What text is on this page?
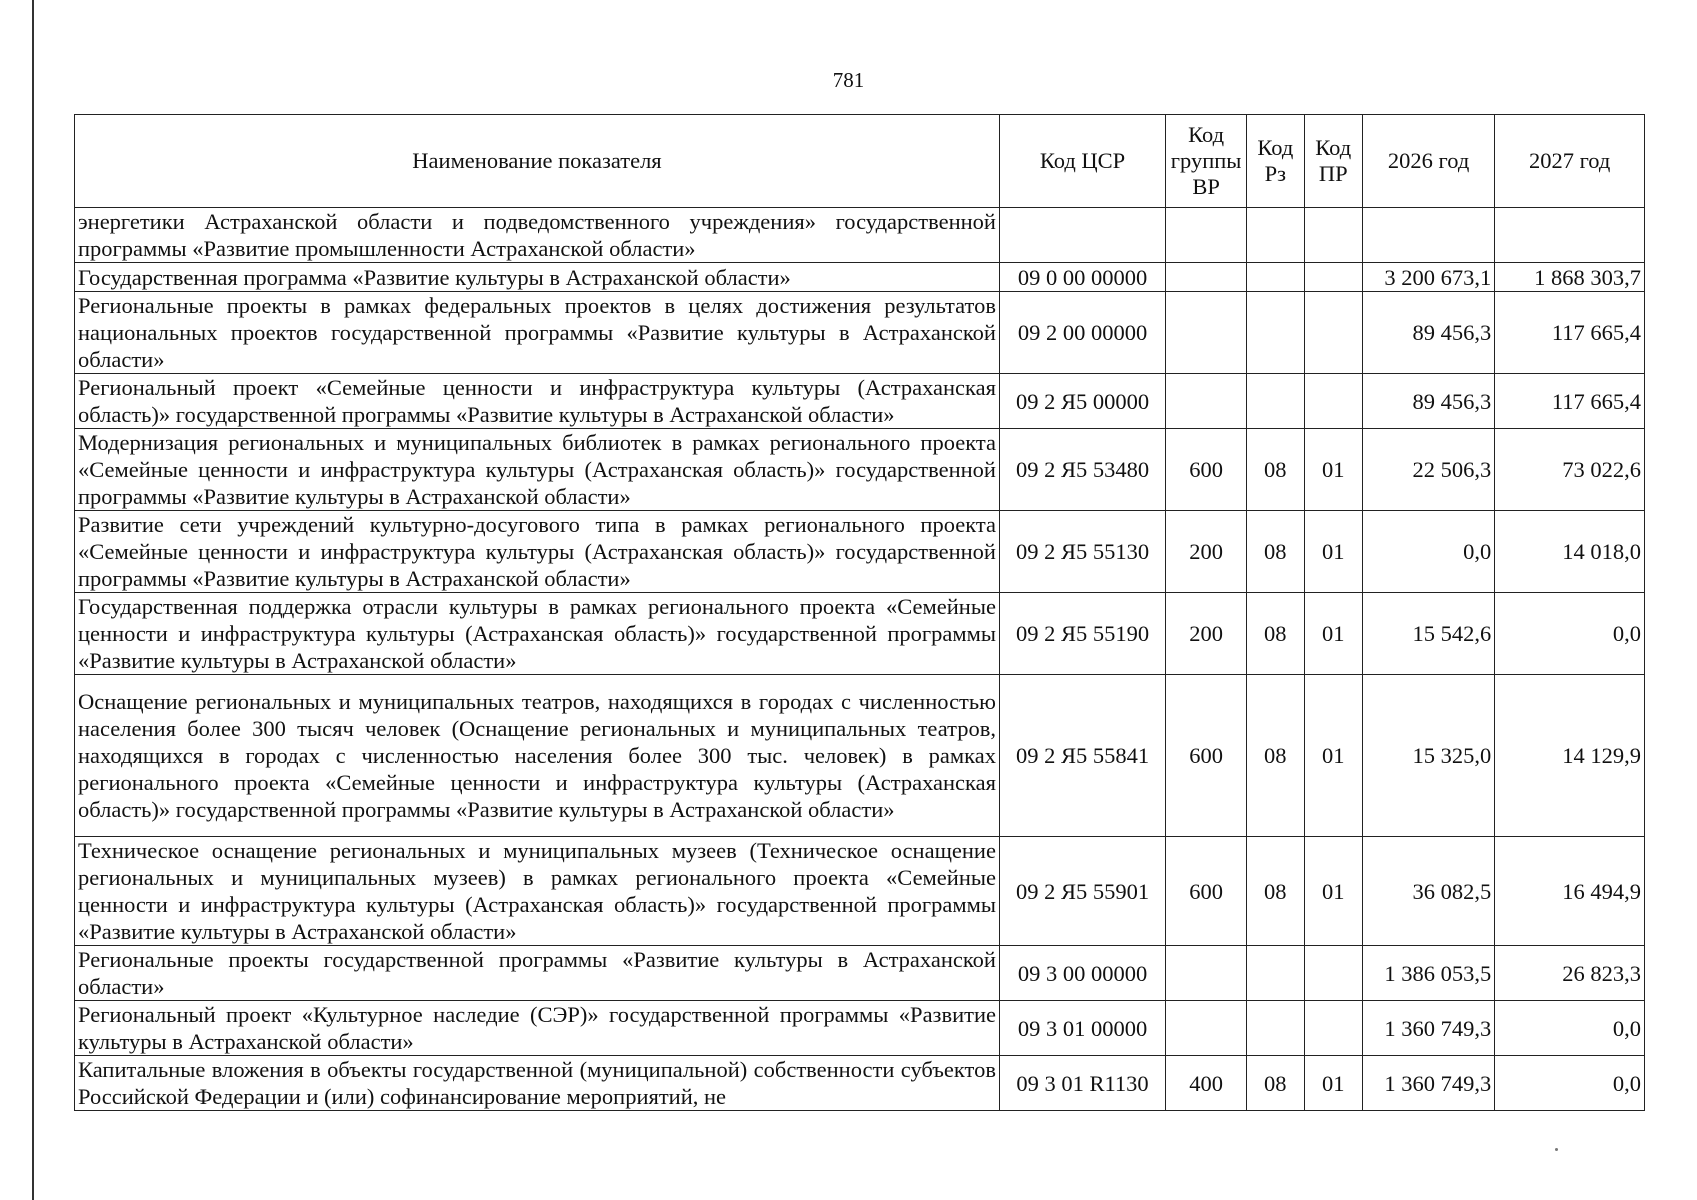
781
Наименование показателя	Код ЦСР	Код группы ВР	Код Рз	Код ПР	2026 год	2027 год
энергетики Астраханской области и подведомственного учреждения» государственной программы «Развитие промышленности Астраханской области»						
Государственная программа «Развитие культуры в Астраханской области»	09 0 00 00000				3 200 673,1	1 868 303,7
Региональные проекты в рамках федеральных проектов в целях достижения результатов национальных проектов государственной программы «Развитие культуры в Астраханской области»	09 2 00 00000				89 456,3	117 665,4
Региональный проект «Семейные ценности и инфраструктура культуры (Астраханская область)» государственной программы «Развитие культуры в Астраханской области»	09 2 Я5 00000				89 456,3	117 665,4
Модернизация региональных и муниципальных библиотек в рамках регионального проекта «Семейные ценности и инфраструктура культуры (Астраханская область)» государственной программы «Развитие культуры в Астраханской области»	09 2 Я5 53480	600	08	01	22 506,3	73 022,6
Развитие сети учреждений культурно-досугового типа в рамках регионального проекта «Семейные ценности и инфраструктура культуры (Астраханская область)» государственной программы «Развитие культуры в Астраханской области»	09 2 Я5 55130	200	08	01	0,0	14 018,0
Государственная поддержка отрасли культуры в рамках регионального проекта «Семейные ценности и инфраструктура культуры (Астраханская область)» государственной программы «Развитие культуры в Астраханской области»	09 2 Я5 55190	200	08	01	15 542,6	0,0
Оснащение региональных и муниципальных театров, находящихся в городах с численностью населения более 300 тысяч человек (Оснащение региональных и муниципальных театров, находящихся в городах с численностью населения более 300 тыс. человек) в рамках регионального проекта «Семейные ценности и инфраструктура культуры (Астраханская область)» государственной программы «Развитие культуры в Астраханской области»	09 2 Я5 55841	600	08	01	15 325,0	14 129,9
Техническое оснащение региональных и муниципальных музеев (Техническое оснащение региональных и муниципальных музеев) в рамках регионального проекта «Семейные ценности и инфраструктура культуры (Астраханская область)» государственной программы «Развитие культуры в Астраханской области»	09 2 Я5 55901	600	08	01	36 082,5	16 494,9
Региональные проекты государственной программы «Развитие культуры в Астраханской области»	09 3 00 00000				1 386 053,5	26 823,3
Региональный проект «Культурное наследие (СЭР)» государственной программы «Развитие культуры в Астраханской области»	09 3 01 00000				1 360 749,3	0,0
Капитальные вложения в объекты государственной (муниципальной) собственности субъектов Российской Федерации и (или) софинансирование мероприятий, не	09 3 01 R1130	400	08	01	1 360 749,3	0,0
